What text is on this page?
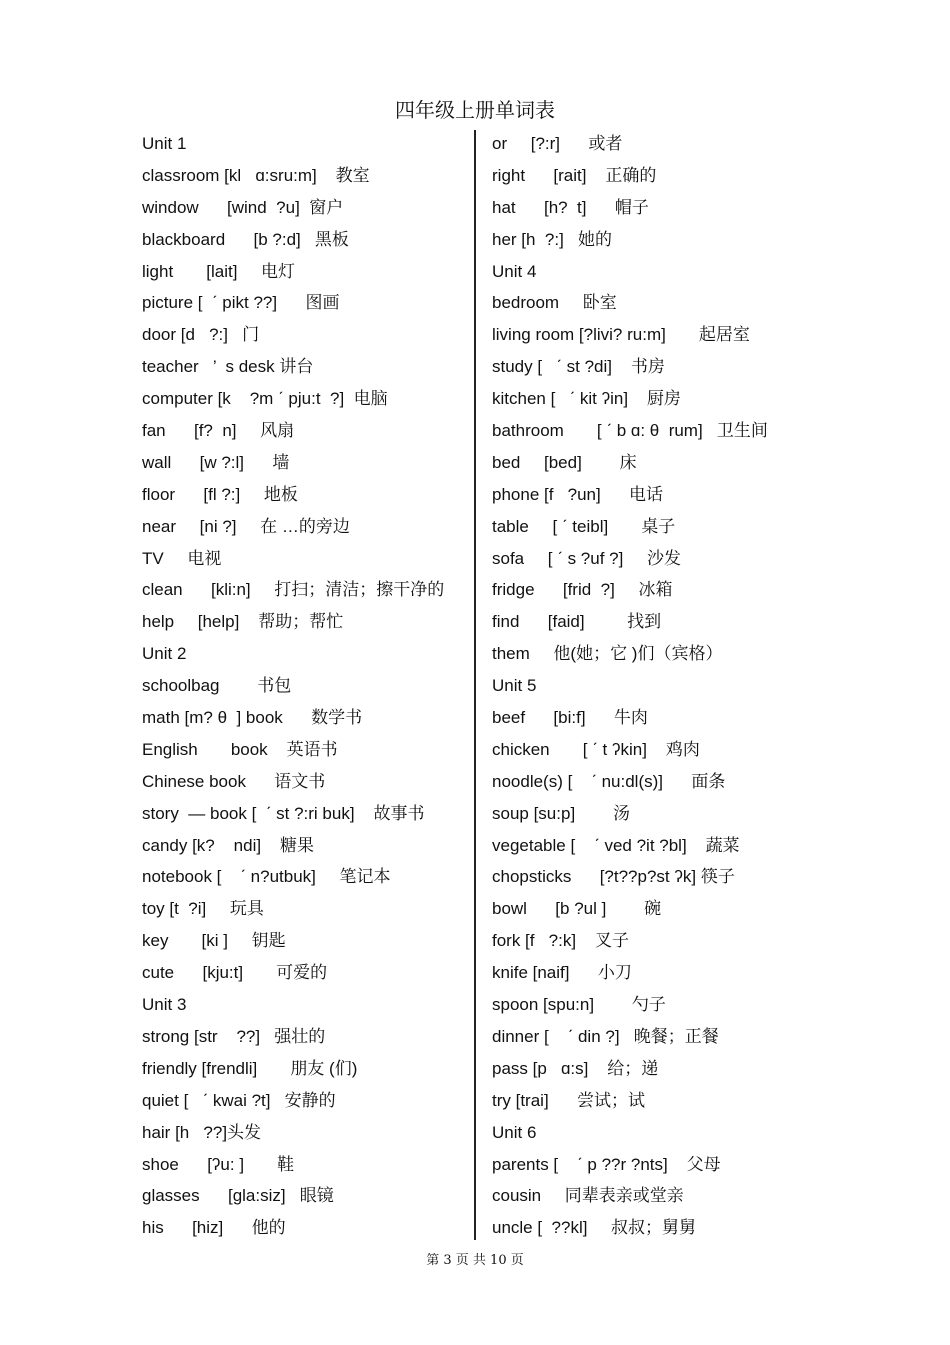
四年级上册单词表
Unit 1
classroom [kl   ɑ:sru:m]    教室
window      [wind  ?u]  窗户
blackboard      [b ?:d]   黑板
light       [lait]     电灯
picture [  ˊ pikt ??]      图画
door [d   ?:]   门
teacher   ’  s desk 讲台
computer [k    ?m ˊ pju:t  ?]  电脑
fan      [f?  n]     风扇
wall      [w ?:l]      墙
floor      [fl ?:]     地板
near     [ni ?]     在 …的旁边
TV     电视
clean      [kli:n]     打扫；清洁；擦干净的
help     [help]    帮助；帮忙
Unit 2
schoolbag        书包
math [m? θ  ] book      数学书
English       book    英语书
Chinese book      语文书
story  — book [  ˊ st ?:ri buk]    故事书
candy [k?    ndi]    糖果
notebook [    ˊ n?utbuk]     笔记本
toy [t  ?i]     玩具
key       [ki ]     钥匙
cute      [kju:t]       可爱的
Unit 3
strong [str    ??]   强壮的
friendly [frendli]       朋友 (们)
quiet [   ˊ kwai ?t]   安静的
hair [h   ??]头发
shoe      [ʔu: ]       鞋
glasses      [gla:siz]   眼镜
his      [hiz]      他的
or     [?:r]      或者
right      [rait]    正确的
hat      [h?  t]      帽子
her [h  ?:]   她的
Unit 4
bedroom     卧室
living room [?livi? ru:m]       起居室
study [   ˊ st ?di]    书房
kitchen [   ˊ kit ʔin]    厨房
bathroom       [ ˊ b ɑ: θ  rum]   卫生间
bed     [bed]        床
phone [f   ?un]      电话
table     [ ˊ teibl]       桌子
sofa     [ ˊ s ?uf ?]     沙发
fridge      [frid  ?]     冰箱
find      [faid]         找到
them     他(她；它 )们（宾格）
Unit 5
beef      [bi:f]      牛肉
chicken       [ ˊ t ʔkin]    鸡肉
noodle(s) [    ˊ nu:dl(s)]      面条
soup [su:p]        汤
vegetable [    ˊ ved ?it ?bl]    蔬菜
chopsticks      [?t??p?st ʔk] 筷子
bowl      [b ?ul ]        碗
fork [f   ?:k]    叉子
knife [naif]      小刀
spoon [spu:n]        勺子
dinner [    ˊ din ?]   晚餐；正餐
pass [p   ɑ:s]    给；递
try [trai]      尝试；试
Unit 6
parents [    ˊ p ??r ?nts]    父母
cousin     同辈表亲或堂亲
uncle [  ??kl]     叔叔；舅舅
第 3 页 共 10 页
